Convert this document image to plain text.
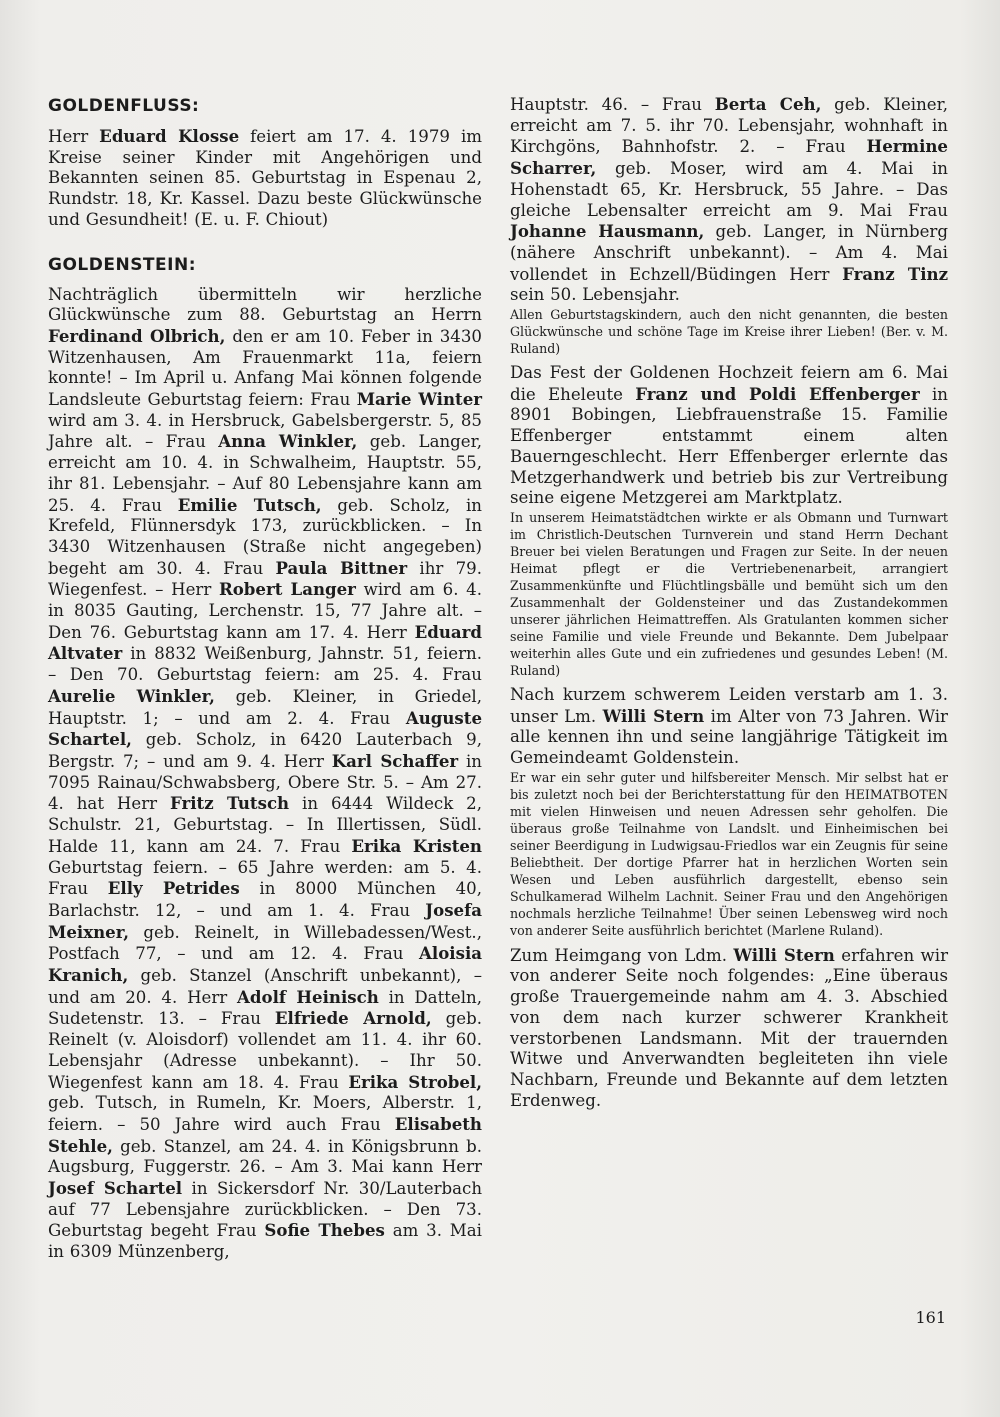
GOLDENFLUSS:

Herr Eduard Klosse feiert am 17. 4. 1979 im Kreise seiner Kinder mit Angehörigen und Bekannten seinen 85. Geburtstag in Espenau 2, Rundstr. 18, Kr. Kassel. Dazu beste Glückwünsche und Gesundheit! (E. u. F. Chiout)

GOLDENSTEIN:

Nachträglich übermitteln wir herzliche Glückwünsche zum 88. Geburtstag an Herrn Ferdinand Olbrich, den er am 10. Feber in 3430 Witzenhausen, Am Frauenmarkt 11a, feiern konnte! – Im April u. Anfang Mai können folgende Landsleute Geburtstag feiern: Frau Marie Winter wird am 3. 4. in Hersbruck, Gabelsbergerstr. 5, 85 Jahre alt. – Frau Anna Winkler, geb. Langer, erreicht am 10. 4. in Schwalheim, Hauptstr. 55, ihr 81. Lebensjahr. – Auf 80 Lebensjahre kann am 25. 4. Frau Emilie Tutsch, geb. Scholz, in Krefeld, Flünnersdyk 173, zurückblicken. – In 3430 Witzenhausen (Straße nicht angegeben) begeht am 30. 4. Frau Paula Bittner ihr 79. Wiegenfest. – Herr Robert Langer wird am 6. 4. in 8035 Gauting, Lerchenstr. 15, 77 Jahre alt. – Den 76. Geburtstag kann am 17. 4. Herr Eduard Altvater in 8832 Weißenburg, Jahnstr. 51, feiern. – Den 70. Geburtstag feiern: am 25. 4. Frau Aurelie Winkler, geb. Kleiner, in Griedel, Hauptstr. 1; – und am 2. 4. Frau Auguste Schartel, geb. Scholz, in 6420 Lauterbach 9, Bergstr. 7; – und am 9. 4. Herr Karl Schaffer in 7095 Rainau/Schwabsberg, Obere Str. 5. – Am 27. 4. hat Herr Fritz Tutsch in 6444 Wildeck 2, Schulstr. 21, Geburtstag. – In Illertissen, Südl. Halde 11, kann am 24. 7. Frau Erika Kristen Geburtstag feiern. – 65 Jahre werden: am 5. 4. Frau Elly Petrides in 8000 München 40, Barlachstr. 12, – und am 1. 4. Frau Josefa Meixner, geb. Reinelt, in Willebadessen/West., Postfach 77, – und am 12. 4. Frau Aloisia Kranich, geb. Stanzel (Anschrift unbekannt), – und am 20. 4. Herr Adolf Heinisch in Datteln, Sudetenstr. 13. – Frau Elfriede Arnold, geb. Reinelt (v. Aloisdorf) vollendet am 11. 4. ihr 60. Lebensjahr (Adresse unbekannt). – Ihr 50. Wiegenfest kann am 18. 4. Frau Erika Strobel, geb. Tutsch, in Rumeln, Kr. Moers, Alberstr. 1, feiern. – 50 Jahre wird auch Frau Elisabeth Stehle, geb. Stanzel, am 24. 4. in Königsbrunn b. Augsburg, Fuggerstr. 26. – Am 3. Mai kann Herr Josef Schartel in Sickersdorf Nr. 30/Lauterbach auf 77 Lebensjahre zurückblicken. – Den 73. Geburtstag begeht Frau Sofie Thebes am 3. Mai in 6309 Münzenberg,

Hauptstr. 46. – Frau Berta Ceh, geb. Kleiner, erreicht am 7. 5. ihr 70. Lebensjahr, wohnhaft in Kirchgöns, Bahnhofstr. 2. – Frau Hermine Scharrer, geb. Moser, wird am 4. Mai in Hohenstadt 65, Kr. Hersbruck, 55 Jahre. – Das gleiche Lebensalter erreicht am 9. Mai Frau Johanne Hausmann, geb. Langer, in Nürnberg (nähere Anschrift unbekannt). – Am 4. Mai vollendet in Echzell/Büdingen Herr Franz Tinz sein 50. Lebensjahr.

Allen Geburtstagskindern, auch den nicht genannten, die besten Glückwünsche und schöne Tage im Kreise ihrer Lieben! (Ber. v. M. Ruland)

Das Fest der Goldenen Hochzeit feiern am 6. Mai die Eheleute Franz und Poldi Effenberger in 8901 Bobingen, Liebfrauenstraße 15. Familie Effenberger entstammt einem alten Bauerngeschlecht. Herr Effenberger erlernte das Metzgerhandwerk und betrieb bis zur Vertreibung seine eigene Metzgerei am Marktplatz.

In unserem Heimatstädtchen wirkte er als Obmann und Turnwart im Christlich-Deutschen Turnverein und stand Herrn Dechant Breuer bei vielen Beratungen und Fragen zur Seite. In der neuen Heimat pflegt er die Vertriebenenarbeit, arrangiert Zusammenkünfte und Flüchtlingsbälle und bemüht sich um den Zusammenhalt der Goldensteiner und das Zustandekommen unserer jährlichen Heimattreffen. Als Gratulanten kommen sicher seine Familie und viele Freunde und Bekannte. Dem Jubelpaar weiterhin alles Gute und ein zufriedenes und gesundes Leben! (M. Ruland)

Nach kurzem schwerem Leiden verstarb am 1. 3. unser Lm. Willi Stern im Alter von 73 Jahren. Wir alle kennen ihn und seine langjährige Tätigkeit im Gemeindeamt Goldenstein.

Er war ein sehr guter und hilfsbereiter Mensch. Mir selbst hat er bis zuletzt noch bei der Berichterstattung für den HEIMATBOTEN mit vielen Hinweisen und neuen Adressen sehr geholfen. Die überaus große Teilnahme von Landslt. und Einheimischen bei seiner Beerdigung in Ludwigsau-Friedlos war ein Zeugnis für seine Beliebtheit. Der dortige Pfarrer hat in herzlichen Worten sein Wesen und Leben ausführlich dargestellt, ebenso sein Schulkamerad Wilhelm Lachnit. Seiner Frau und den Angehörigen nochmals herzliche Teilnahme! Über seinen Lebensweg wird noch von anderer Seite ausführlich berichtet (Marlene Ruland).

Zum Heimgang von Ldm. Willi Stern erfahren wir von anderer Seite noch folgendes: „Eine überaus große Trauergemeinde nahm am 4. 3. Abschied von dem nach kurzer schwerer Krankheit verstorbenen Landsmann. Mit der trauernden Witwe und Anverwandten begleiteten ihn viele Nachbarn, Freunde und Bekannte auf dem letzten Erdenweg.

161
